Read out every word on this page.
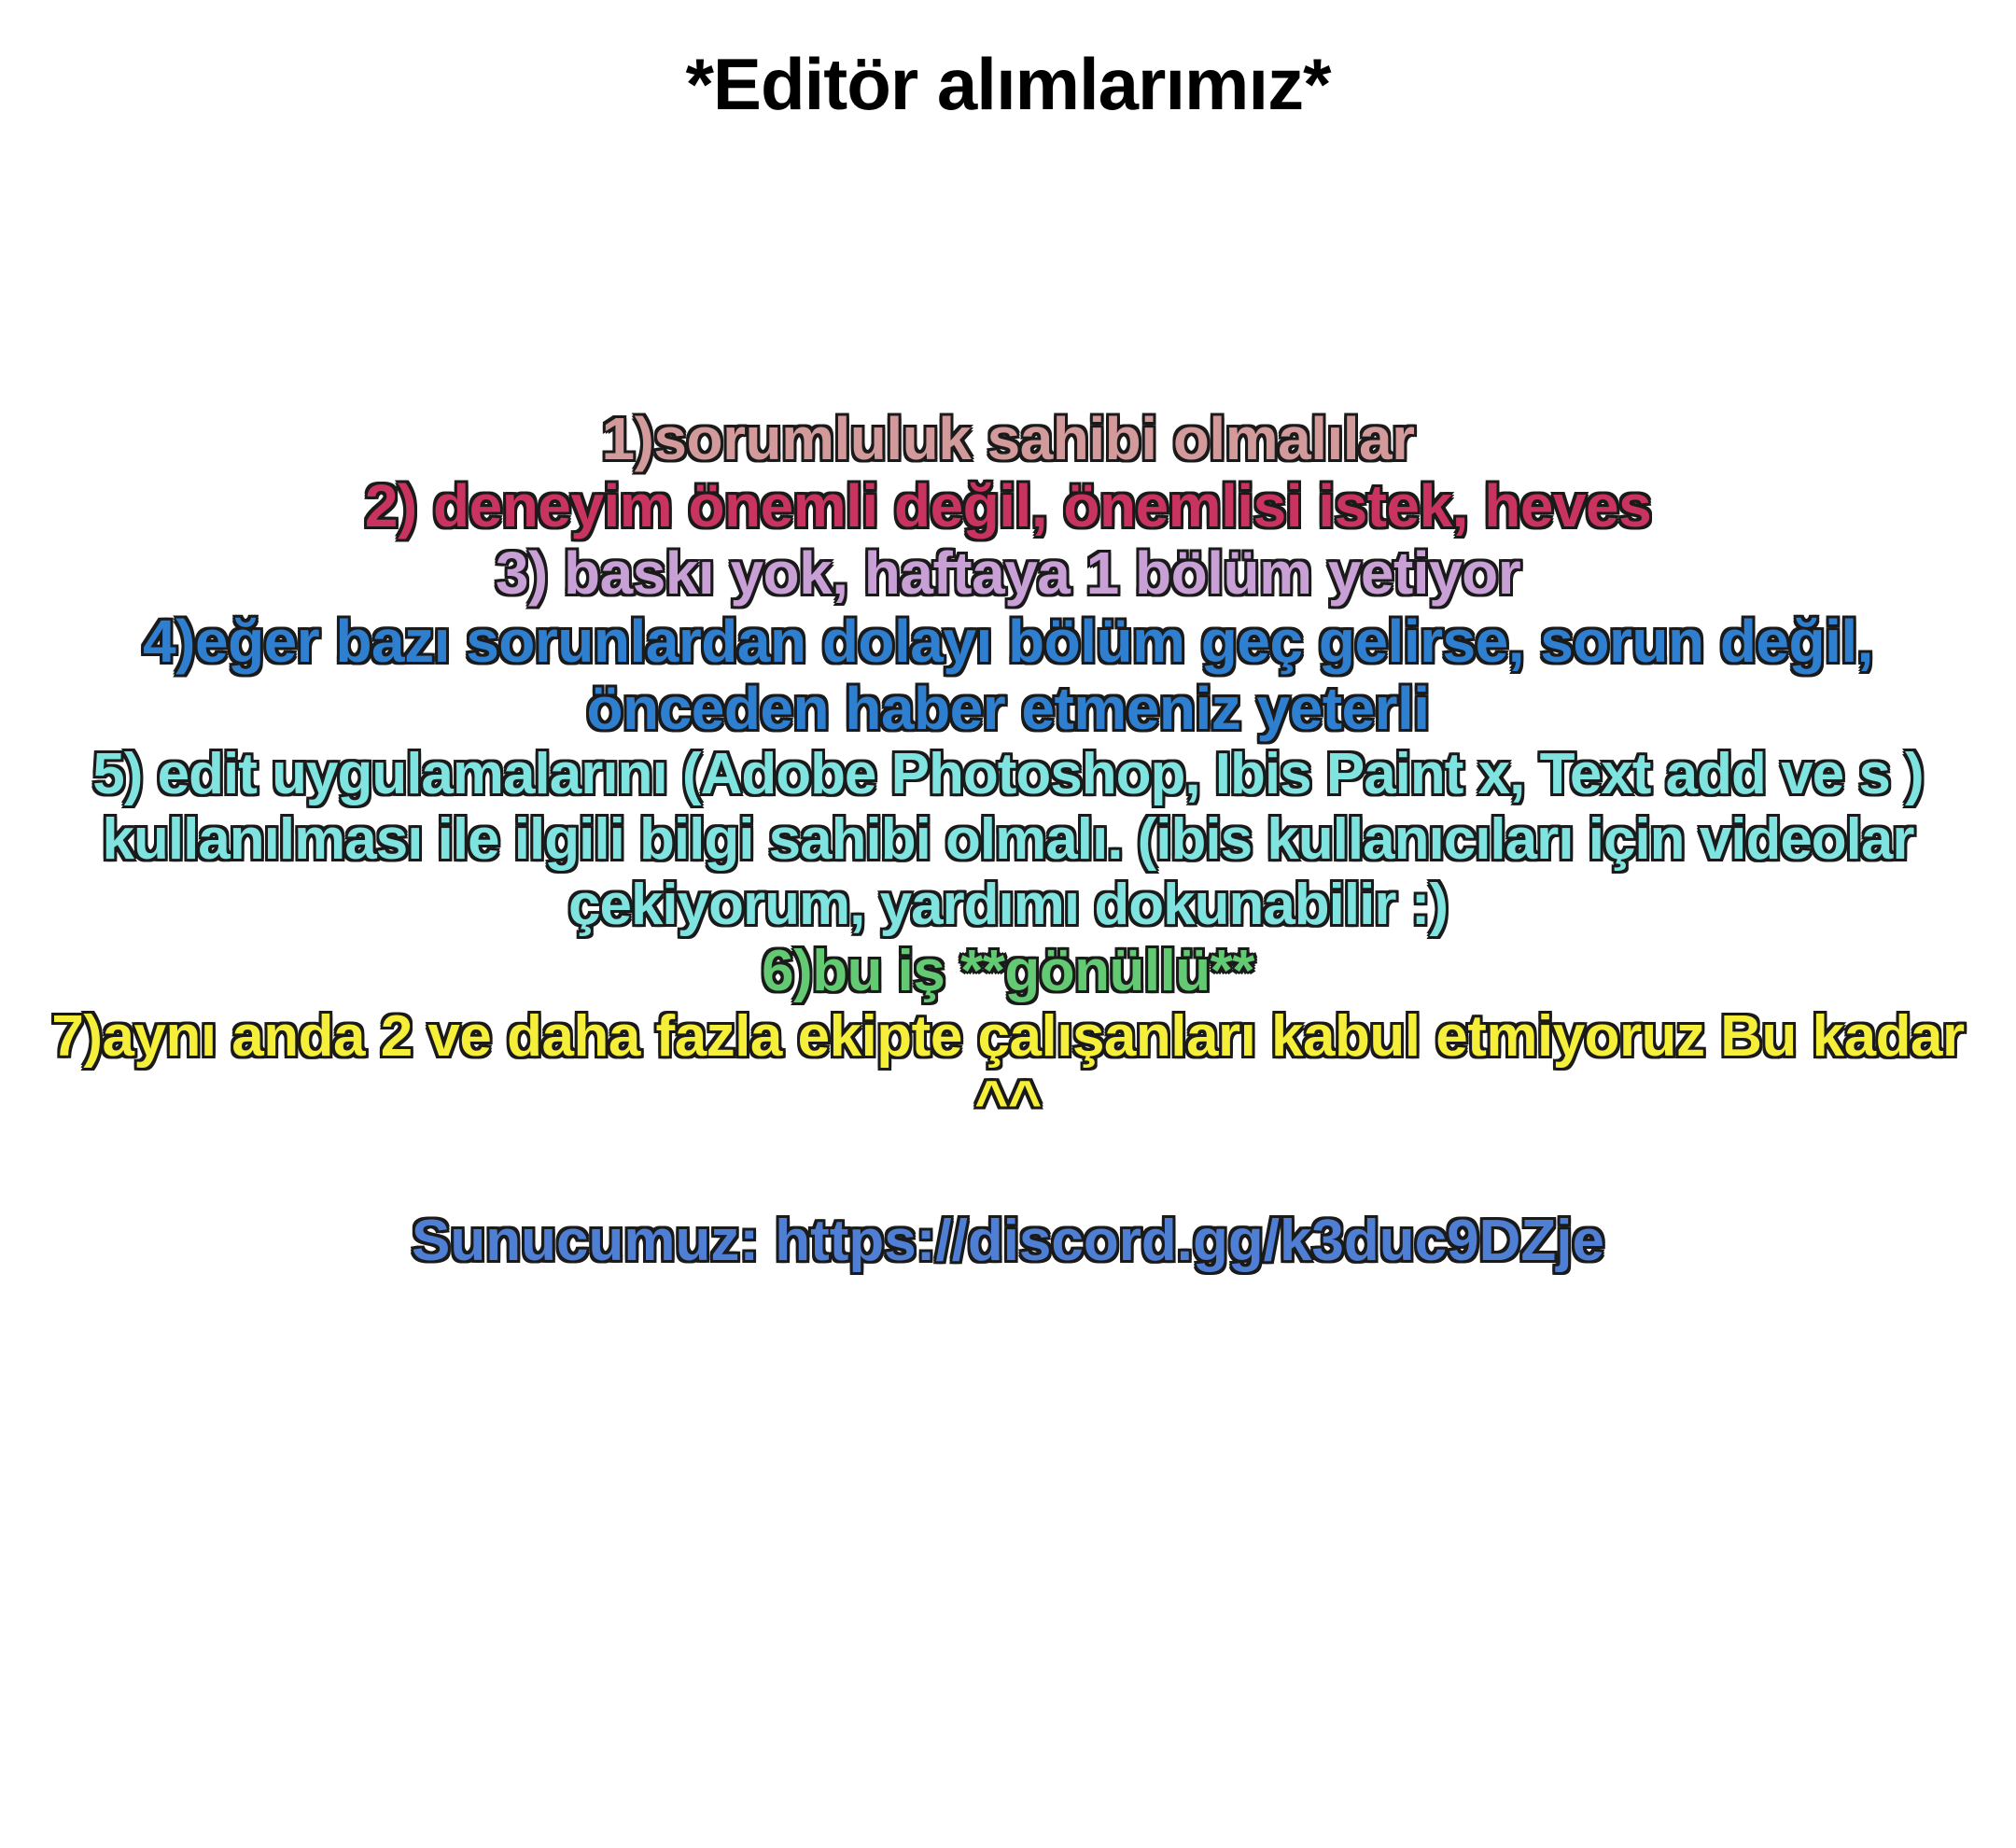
*Editör alımlarımız*

1)sorumluluk sahibi olmalılar

2) deneyim önemli değil, önemlisi istek, heves

3) baskı yok, haftaya 1 bölüm yetiyor

4)eğer bazı sorunlardan dolayı bölüm geç gelirse, sorun değil, önceden haber etmeniz yeterli

5) edit uygulamalarını (Adobe Photoshop, Ibis Paint x, Text add ve s ) kullanılması ile ilgili bilgi sahibi olmalı. (ibis kullanıcıları için videolar çekiyorum, yardımı dokunabilir :)

6)bu iş **gönüllü**

7)aynı anda 2 ve daha fazla ekipte çalışanları kabul etmiyoruz Bu kadar ^^

Sunucumuz: https://discord.gg/k3duc9DZje
